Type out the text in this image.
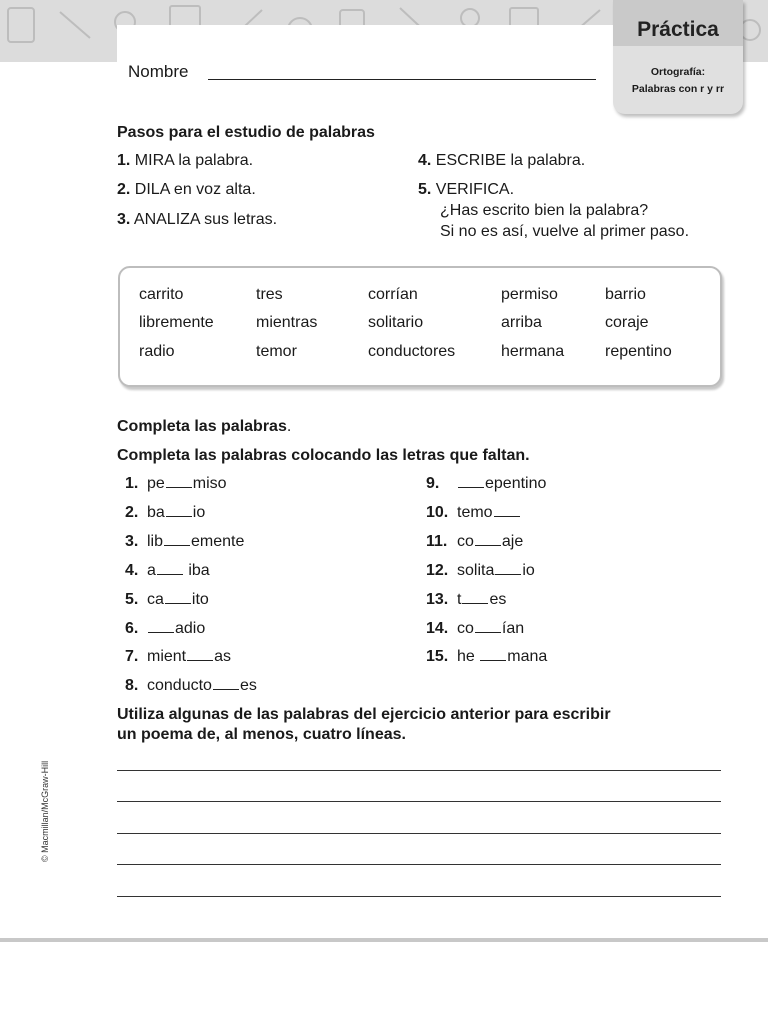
Nombre
Práctica
Ortografía:
Palabras con r y rr
Pasos para el estudio de palabras
1. MIRA la palabra.
2. DILA en voz alta.
3. ANALIZA sus letras.
4. ESCRIBE la palabra.
5. VERIFICA.
¿Has escrito bien la palabra?
Si no es así, vuelve al primer paso.
carrito	tres	corrían	permiso	barrio
libremente	mientras	solitario	arriba	coraje
radio	temor	conductores	hermana	repentino
Completa las palabras.
Completa las palabras colocando las letras que faltan.
1. pe miso
2. ba io
3. lib emente
4. a iba
5. ca ito
6. adio
7. mient as
8. conducto es
9.	epentino
10. temo
11. co aje
12. solita io
13. t es
14. co ían
15. he mana
Utiliza algunas de las palabras del ejercicio anterior para escribir
un poema de, al menos, cuatro líneas.
© Macmillan/McGraw-Hill
